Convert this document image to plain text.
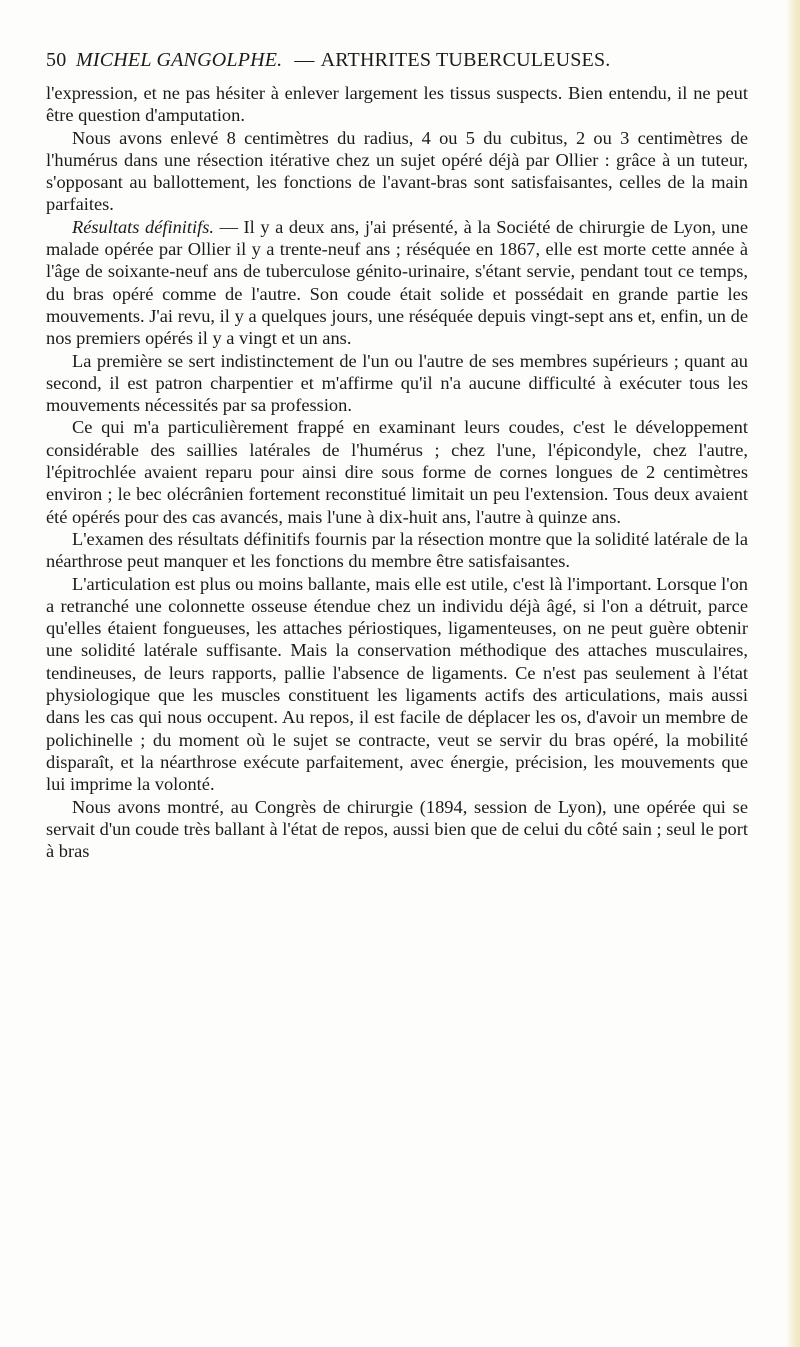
50 MICHEL GANGOLPHE. — ARTHRITES TUBERCULEUSES.

l'expression, et ne pas hésiter à enlever largement les tissus suspects. Bien entendu, il ne peut être question d'amputation.

Nous avons enlevé 8 centimètres du radius, 4 ou 5 du cubitus, 2 ou 3 centimètres de l'humérus dans une résection itérative chez un sujet opéré déjà par Ollier : grâce à un tuteur, s'opposant au ballottement, les fonctions de l'avant-bras sont satisfaisantes, celles de la main parfaites.

Résultats définitifs. — Il y a deux ans, j'ai présenté, à la Société de chirurgie de Lyon, une malade opérée par Ollier il y a trente-neuf ans ; réséquée en 1867, elle est morte cette année à l'âge de soixante-neuf ans de tuberculose génito-urinaire, s'étant servie, pendant tout ce temps, du bras opéré comme de l'autre. Son coude était solide et possédait en grande partie les mouvements. J'ai revu, il y a quelques jours, une réséquée depuis vingt-sept ans et, enfin, un de nos premiers opérés il y a vingt et un ans.

La première se sert indistinctement de l'un ou l'autre de ses membres supérieurs ; quant au second, il est patron charpentier et m'affirme qu'il n'a aucune difficulté à exécuter tous les mouvements nécessités par sa profession.

Ce qui m'a particulièrement frappé en examinant leurs coudes, c'est le développement considérable des saillies latérales de l'humérus ; chez l'une, l'épicondyle, chez l'autre, l'épitrochlée avaient reparu pour ainsi dire sous forme de cornes longues de 2 centimètres environ ; le bec olécrânien fortement reconstitué limitait un peu l'extension. Tous deux avaient été opérés pour des cas avancés, mais l'une à dix-huit ans, l'autre à quinze ans.

L'examen des résultats définitifs fournis par la résection montre que la solidité latérale de la néarthrose peut manquer et les fonctions du membre être satisfaisantes.

L'articulation est plus ou moins ballante, mais elle est utile, c'est là l'important. Lorsque l'on a retranché une colonnette osseuse étendue chez un individu déjà âgé, si l'on a détruit, parce qu'elles étaient fongueuses, les attaches périostiques, ligamenteuses, on ne peut guère obtenir une solidité latérale suffisante. Mais la conservation méthodique des attaches musculaires, tendineuses, de leurs rapports, pallie l'absence de ligaments. Ce n'est pas seulement à l'état physiologique que les muscles constituent les ligaments actifs des articulations, mais aussi dans les cas qui nous occupent. Au repos, il est facile de déplacer les os, d'avoir un membre de polichinelle ; du moment où le sujet se contracte, veut se servir du bras opéré, la mobilité disparaît, et la néarthrose exécute parfaitement, avec énergie, précision, les mouvements que lui imprime la volonté.

Nous avons montré, au Congrès de chirurgie (1894, session de Lyon), une opérée qui se servait d'un coude très ballant à l'état de repos, aussi bien que de celui du côté sain ; seul le port à bras
